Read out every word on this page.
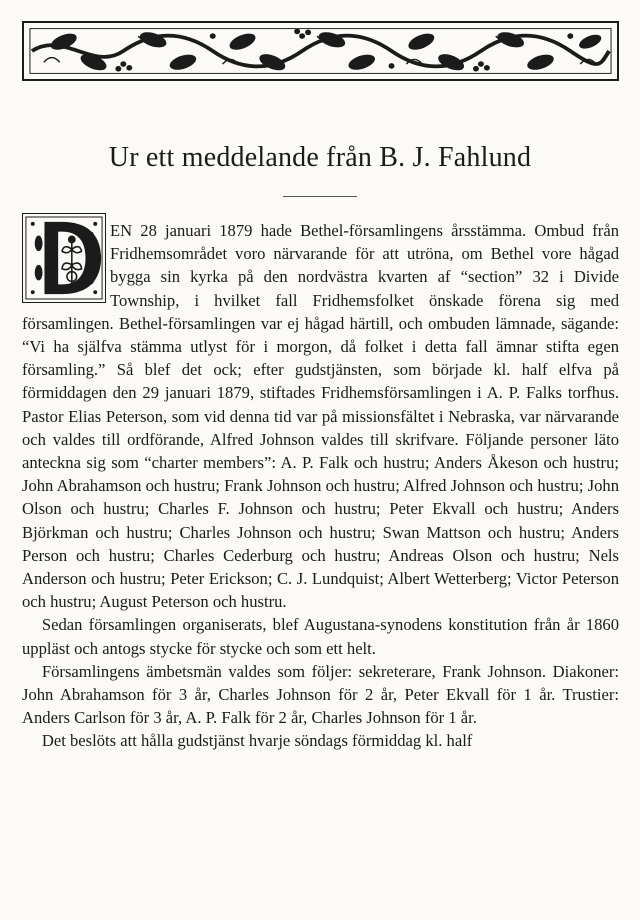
Ur ett meddelande från B. J. Fahlund

EN 28 januari 1879 hade Bethel-församlingens årsstämma. Ombud från Fridhemsområdet voro närvarande för att utröna, om Bethel vore hågad bygga sin kyrka på den nordvästra kvarten af “section” 32 i Divide Township, i hvilket fall Fridhemsfolket önskade förena sig med församlingen. Bethel-församlingen var ej hågad härtill, och ombuden lämnade, sägande: “Vi ha själfva stämma utlyst för i morgon, då folket i detta fall ämnar stifta egen församling.” Så blef det ock; efter gudstjänsten, som började kl. half elfva på förmiddagen den 29 januari 1879, stiftades Fridhemsförsamlingen i A. P. Falks torfhus. Pastor Elias Peterson, som vid denna tid var på missionsfältet i Nebraska, var närvarande och valdes till ordförande, Alfred Johnson valdes till skrifvare. Följande personer läto anteckna sig som “charter members”: A. P. Falk och hustru; Anders Åkeson och hustru; John Abrahamson och hustru; Frank Johnson och hustru; Alfred Johnson och hustru; John Olson och hustru; Charles F. Johnson och hustru; Peter Ekvall och hustru; Anders Björkman och hustru; Charles Johnson och hustru; Swan Mattson och hustru; Anders Person och hustru; Charles Cederburg och hustru; Andreas Olson och hustru; Nels Anderson och hustru; Peter Erickson; C. J. Lundquist; Albert Wetterberg; Victor Peterson och hustru; August Peterson och hustru.

Sedan församlingen organiserats, blef Augustana-synodens konstitution från år 1860 uppläst och antogs stycke för stycke och som ett helt.

Församlingens ämbetsmän valdes som följer: sekreterare, Frank Johnson. Diakoner: John Abrahamson för 3 år, Charles Johnson för 2 år, Peter Ekvall för 1 år. Trustier: Anders Carlson för 3 år, A. P. Falk för 2 år, Charles Johnson för 1 år.

Det beslöts att hålla gudstjänst hvarje söndags förmiddag kl. half
